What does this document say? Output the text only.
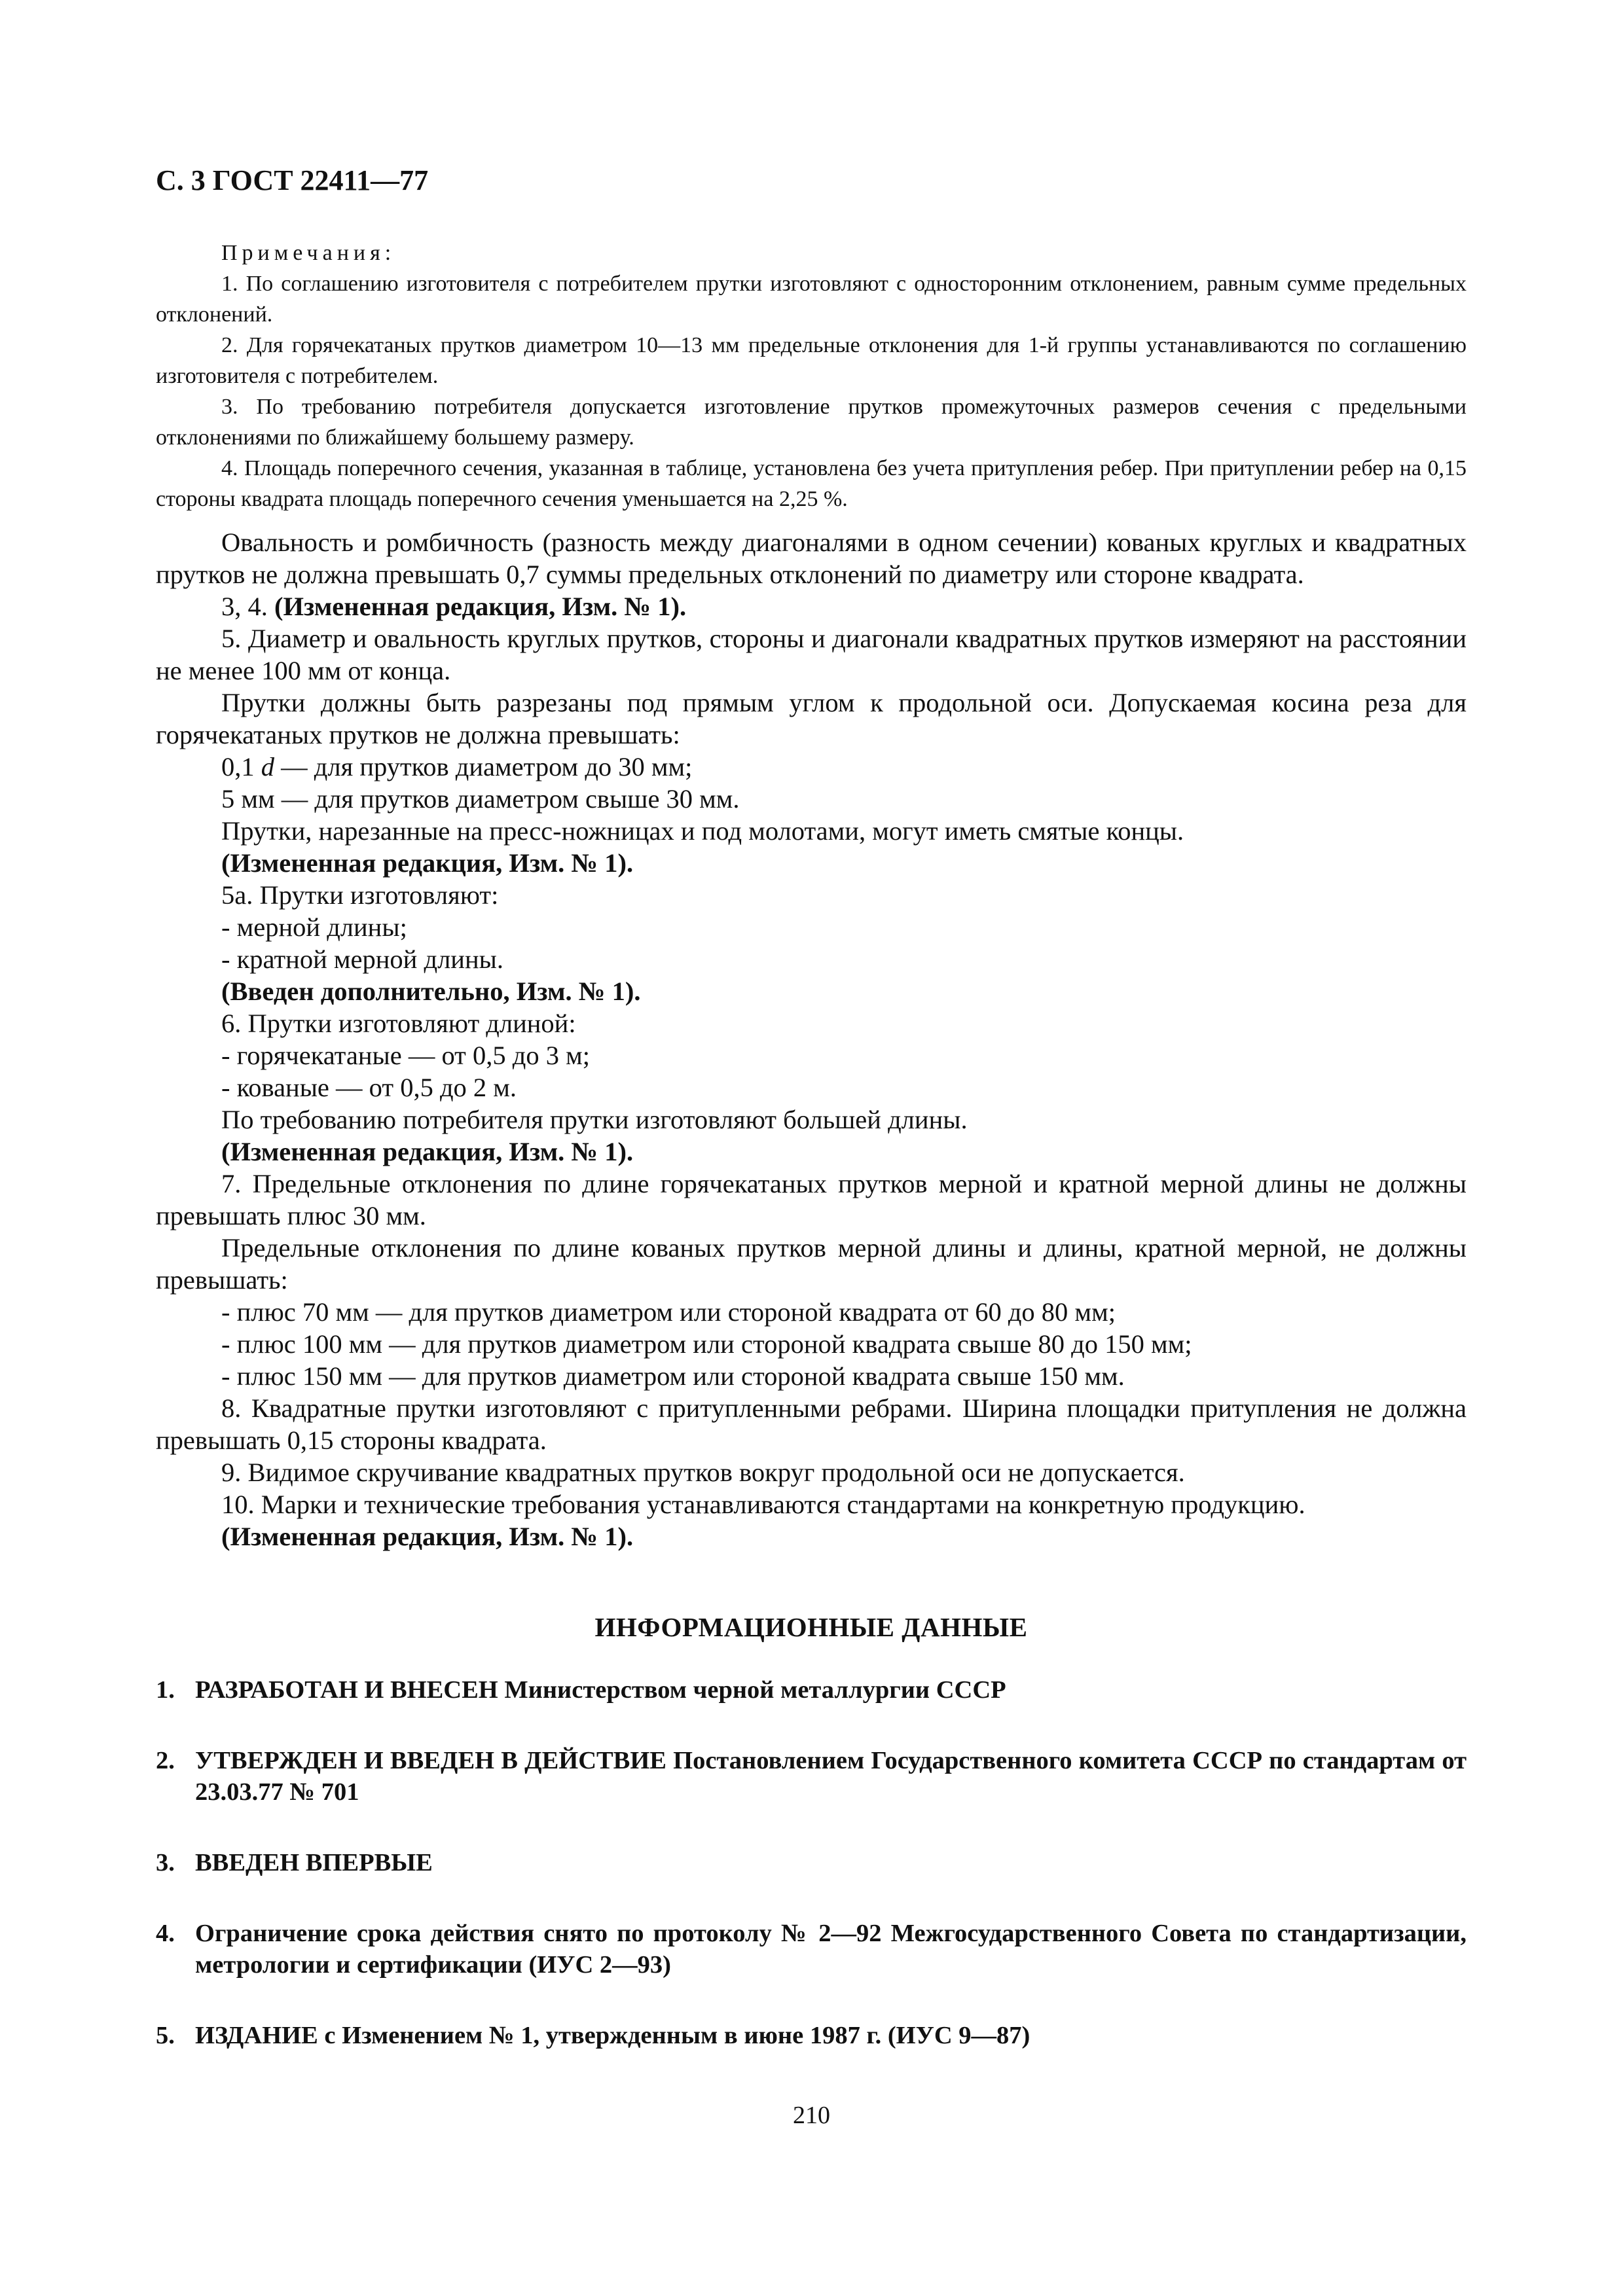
С. 3 ГОСТ 22411—77
Примечания:

1. По соглашению изготовителя с потребителем прутки изготовляют с односторонним отклонением, равным сумме предельных отклонений.

2. Для горячекатаных прутков диаметром 10—13 мм предельные отклонения для 1-й группы устанавливаются по соглашению изготовителя с потребителем.

3. По требованию потребителя допускается изготовление прутков промежуточных размеров сечения с предельными отклонениями по ближайшему большему размеру.

4. Площадь поперечного сечения, указанная в таблице, установлена без учета притупления ребер. При притуплении ребер на 0,15 стороны квадрата площадь поперечного сечения уменьшается на 2,25 %.

Овальность и ромбичность (разность между диагоналями в одном сечении) кованых круглых и квадратных прутков не должна превышать 0,7 суммы предельных отклонений по диаметру или стороне квадрата.

3, 4. (Измененная редакция, Изм. № 1).

5. Диаметр и овальность круглых прутков, стороны и диагонали квадратных прутков измеряют на расстоянии не менее 100 мм от конца.

Прутки должны быть разрезаны под прямым углом к продольной оси. Допускаемая косина реза для горячекатаных прутков не должна превышать:

0,1 d — для прутков диаметром до 30 мм;

5 мм — для прутков диаметром свыше 30 мм.

Прутки, нарезанные на пресс-ножницах и под молотами, могут иметь смятые концы.

(Измененная редакция, Изм. № 1).

5а. Прутки изготовляют:

- мерной длины;

- кратной мерной длины.

(Введен дополнительно, Изм. № 1).

6. Прутки изготовляют длиной:

- горячекатаные — от 0,5 до 3 м;

- кованые — от 0,5 до 2 м.

По требованию потребителя прутки изготовляют большей длины.

(Измененная редакция, Изм. № 1).

7. Предельные отклонения по длине горячекатаных прутков мерной и кратной мерной длины не должны превышать плюс 30 мм.

Предельные отклонения по длине кованых прутков мерной длины и длины, кратной мерной, не должны превышать:

- плюс 70 мм — для прутков диаметром или стороной квадрата от 60 до 80 мм;

- плюс 100 мм — для прутков диаметром или стороной квадрата свыше 80 до 150 мм;

- плюс 150 мм — для прутков диаметром или стороной квадрата свыше 150 мм.

8. Квадратные прутки изготовляют с притупленными ребрами. Ширина площадки притупления не должна превышать 0,15 стороны квадрата.

9. Видимое скручивание квадратных прутков вокруг продольной оси не допускается.

10. Марки и технические требования устанавливаются стандартами на конкретную продукцию.

(Измененная редакция, Изм. № 1).

ИНФОРМАЦИОННЫЕ ДАННЫЕ
1. РАЗРАБОТАН И ВНЕСЕН Министерством черной металлургии СССР
2. УТВЕРЖДЕН И ВВЕДЕН В ДЕЙСТВИЕ Постановлением Государственного комитета СССР по стандартам от 23.03.77 № 701
3. ВВЕДЕН ВПЕРВЫЕ
4. Ограничение срока действия снято по протоколу № 2—92 Межгосударственного Совета по стандартизации, метрологии и сертификации (ИУС 2—93)
5. ИЗДАНИЕ с Изменением № 1, утвержденным в июне 1987 г. (ИУС 9—87)
210
